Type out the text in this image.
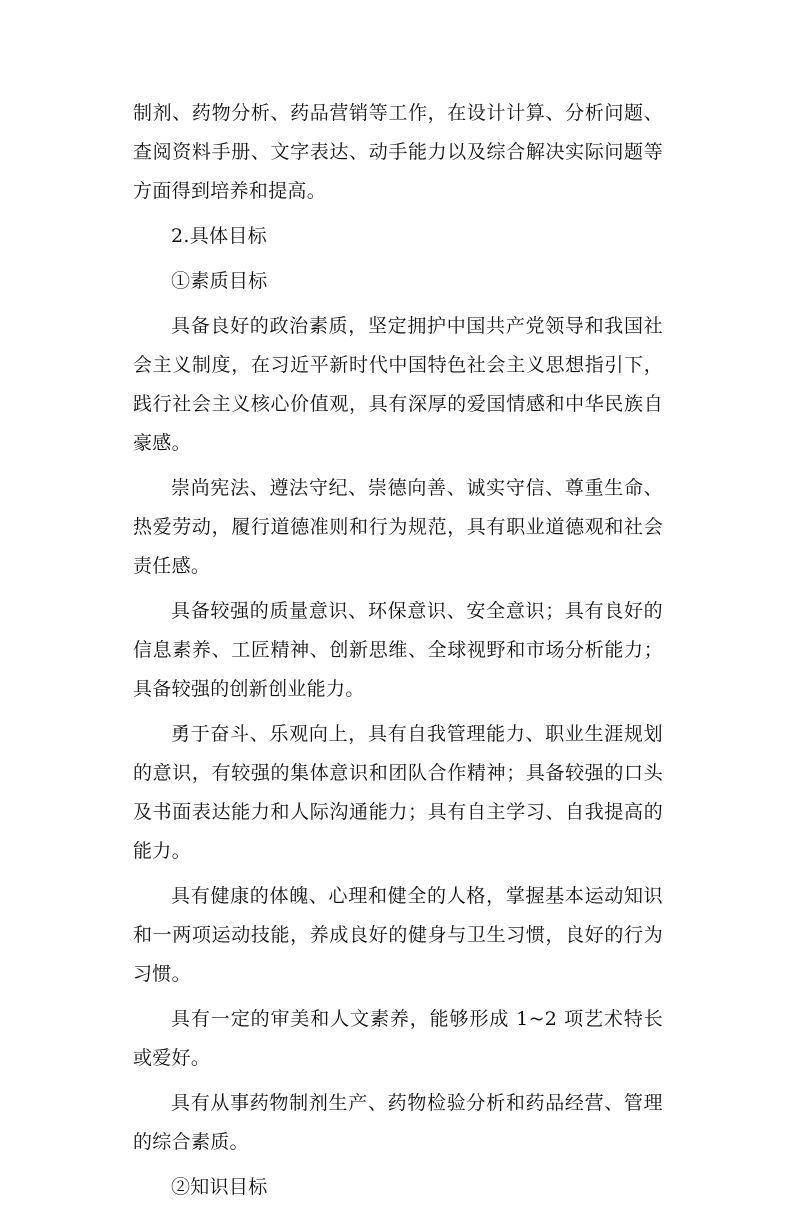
制剂、药物分析、药品营销等工作，在设计计算、分析问题、查阅资料手册、文字表达、动手能力以及综合解决实际问题等方面得到培养和提高。

2.具体目标

①素质目标

具备良好的政治素质，坚定拥护中国共产党领导和我国社会主义制度，在习近平新时代中国特色社会主义思想指引下，践行社会主义核心价值观，具有深厚的爱国情感和中华民族自豪感。

崇尚宪法、遵法守纪、崇德向善、诚实守信、尊重生命、热爱劳动，履行道德准则和行为规范，具有职业道德观和社会责任感。

具备较强的质量意识、环保意识、安全意识；具有良好的信息素养、工匠精神、创新思维、全球视野和市场分析能力；具备较强的创新创业能力。

勇于奋斗、乐观向上，具有自我管理能力、职业生涯规划的意识，有较强的集体意识和团队合作精神；具备较强的口头及书面表达能力和人际沟通能力；具有自主学习、自我提高的能力。

具有健康的体魄、心理和健全的人格，掌握基本运动知识和一两项运动技能，养成良好的健身与卫生习惯，良好的行为习惯。

具有一定的审美和人文素养，能够形成 1~2 项艺术特长或爱好。

具有从事药物制剂生产、药物检验分析和药品经营、管理的综合素质。

②知识目标
